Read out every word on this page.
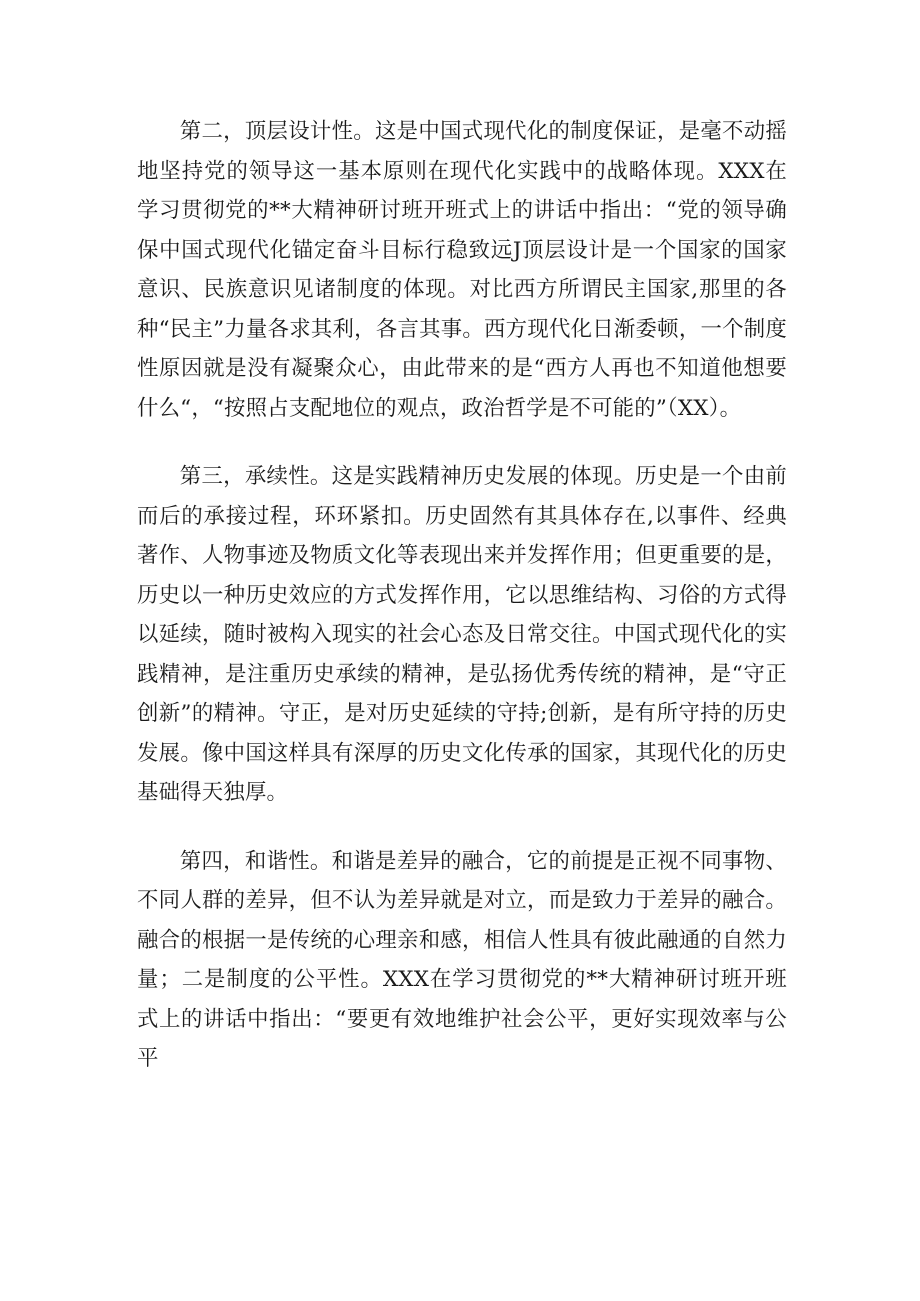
第二，顶层设计性。这是中国式现代化的制度保证，是毫不动摇地坚持党的领导这一基本原则在现代化实践中的战略体现。XXX在学习贯彻党的**大精神研讨班开班式上的讲话中指出：“党的领导确保中国式现代化锚定奋斗目标行稳致远J顶层设计是一个国家的国家意识、民族意识见诸制度的体现。对比西方所谓民主国家,那里的各种“民主”力量各求其利，各言其事。西方现代化日渐委顿，一个制度性原因就是没有凝聚众心，由此带来的是“西方人再也不知道他想要什么“，“按照占支配地位的观点，政治哲学是不可能的”（XX）。

第三，承续性。这是实践精神历史发展的体现。历史是一个由前而后的承接过程，环环紧扣。历史固然有其具体存在,以事件、经典著作、人物事迹及物质文化等表现出来并发挥作用；但更重要的是，历史以一种历史效应的方式发挥作用，它以思维结构、习俗的方式得以延续，随时被构入现实的社会心态及日常交往。中国式现代化的实践精神，是注重历史承续的精神，是弘扬优秀传统的精神，是“守正创新”的精神。守正，是对历史延续的守持;创新，是有所守持的历史发展。像中国这样具有深厚的历史文化传承的国家，其现代化的历史基础得天独厚。

第四，和谐性。和谐是差异的融合，它的前提是正视不同事物、不同人群的差异，但不认为差异就是对立，而是致力于差异的融合。融合的根据一是传统的心理亲和感，相信人性具有彼此融通的自然力量；二是制度的公平性。XXX在学习贯彻党的**大精神研讨班开班式上的讲话中指出：“要更有效地维护社会公平，更好实现效率与公平
